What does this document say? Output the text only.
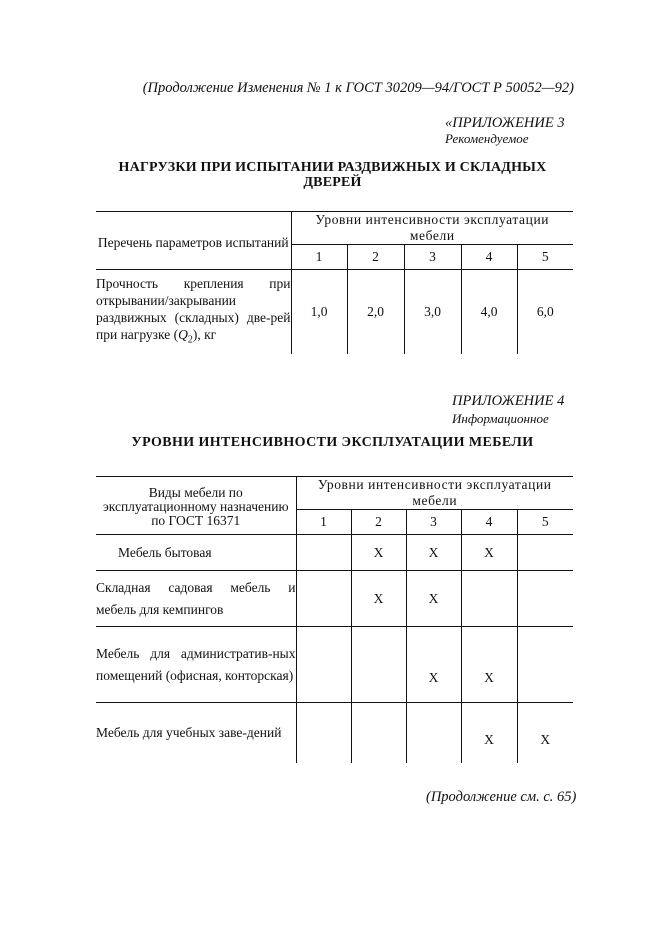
(Продолжение Изменения № 1 к ГОСТ 30209—94/ГОСТ Р 50052—92)
«ПРИЛОЖЕНИЕ 3
Рекомендуемое
НАГРУЗКИ ПРИ ИСПЫТАНИИ РАЗДВИЖНЫХ И СКЛАДНЫХ ДВЕРЕЙ
Перечень параметров испытаний	Уровни интенсивности эксплуатации мебели				
	1	2	3	4	5
Прочность крепления при открывании/закрывании раздвижных (складных) две-рей при нагрузке $(Q_2)$, кг	1,0	2,0	3,0	4,0	6,0
ПРИЛОЖЕНИЕ 4
Информационное
УРОВНИ ИНТЕНСИВНОСТИ ЭКСПЛУАТАЦИИ МЕБЕЛИ
Виды мебели по эксплуатационному назначению по ГОСТ 16371	Уровни интенсивности эксплуатации мебели				
	1	2	3	4	5
Мебель бытовая		X	X	X	
Складная садовая мебель и мебель для кемпингов		X	X		
Мебель для административ-ных помещений (офисная, конторская)			X	X	
Мебель для учебных заве-дений				X	X
(Продолжение см. с. 65)
